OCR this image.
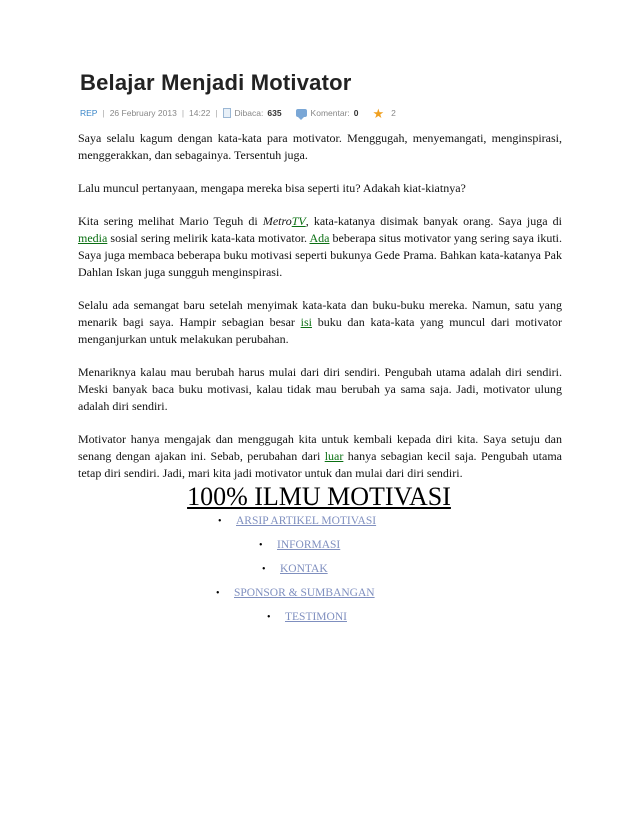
Belajar Menjadi Motivator
REP | 26 February 2013 | 14:22 | Dibaca: 635	Komentar: 0 ★ 2

Saya selalu kagum dengan kata-kata para motivator. Menggugah, menyemangati, menginspirasi, menggerakkan, dan sebagainya. Tersentuh juga.

Lalu muncul pertanyaan, mengapa mereka bisa seperti itu? Adakah kiat-kiatnya?

Kita sering melihat Mario Teguh di MetroTV, kata-katanya disimak banyak orang. Saya juga di media sosial sering melirik kata-kata motivator. Ada beberapa situs motivator yang sering saya ikuti. Saya juga membaca beberapa buku motivasi seperti bukunya Gede Prama. Bahkan kata-katanya Pak Dahlan Iskan juga sungguh menginspirasi.

Selalu ada semangat baru setelah menyimak kata-kata dan buku-buku mereka. Namun, satu yang menarik bagi saya. Hampir sebagian besar isi buku dan kata-kata yang muncul dari motivator menganjurkan untuk melakukan perubahan.

Menariknya kalau mau berubah harus mulai dari diri sendiri. Pengubah utama adalah diri sendiri. Meski banyak baca buku motivasi, kalau tidak mau berubah ya sama saja. Jadi, motivator ulung adalah diri sendiri.

Motivator hanya mengajak dan menggugah kita untuk kembali kepada diri kita. Saya setuju dan senang dengan ajakan ini. Sebab, perubahan dari luar hanya sebagian kecil saja. Pengubah utama tetap diri sendiri. Jadi, mari kita jadi motivator untuk dan mulai dari diri sendiri.

100% ILMU MOTIVASI
• ARSIP ARTIKEL MOTIVASI
• INFORMASI
• KONTAK
• SPONSOR & SUMBANGAN
• TESTIMONI
